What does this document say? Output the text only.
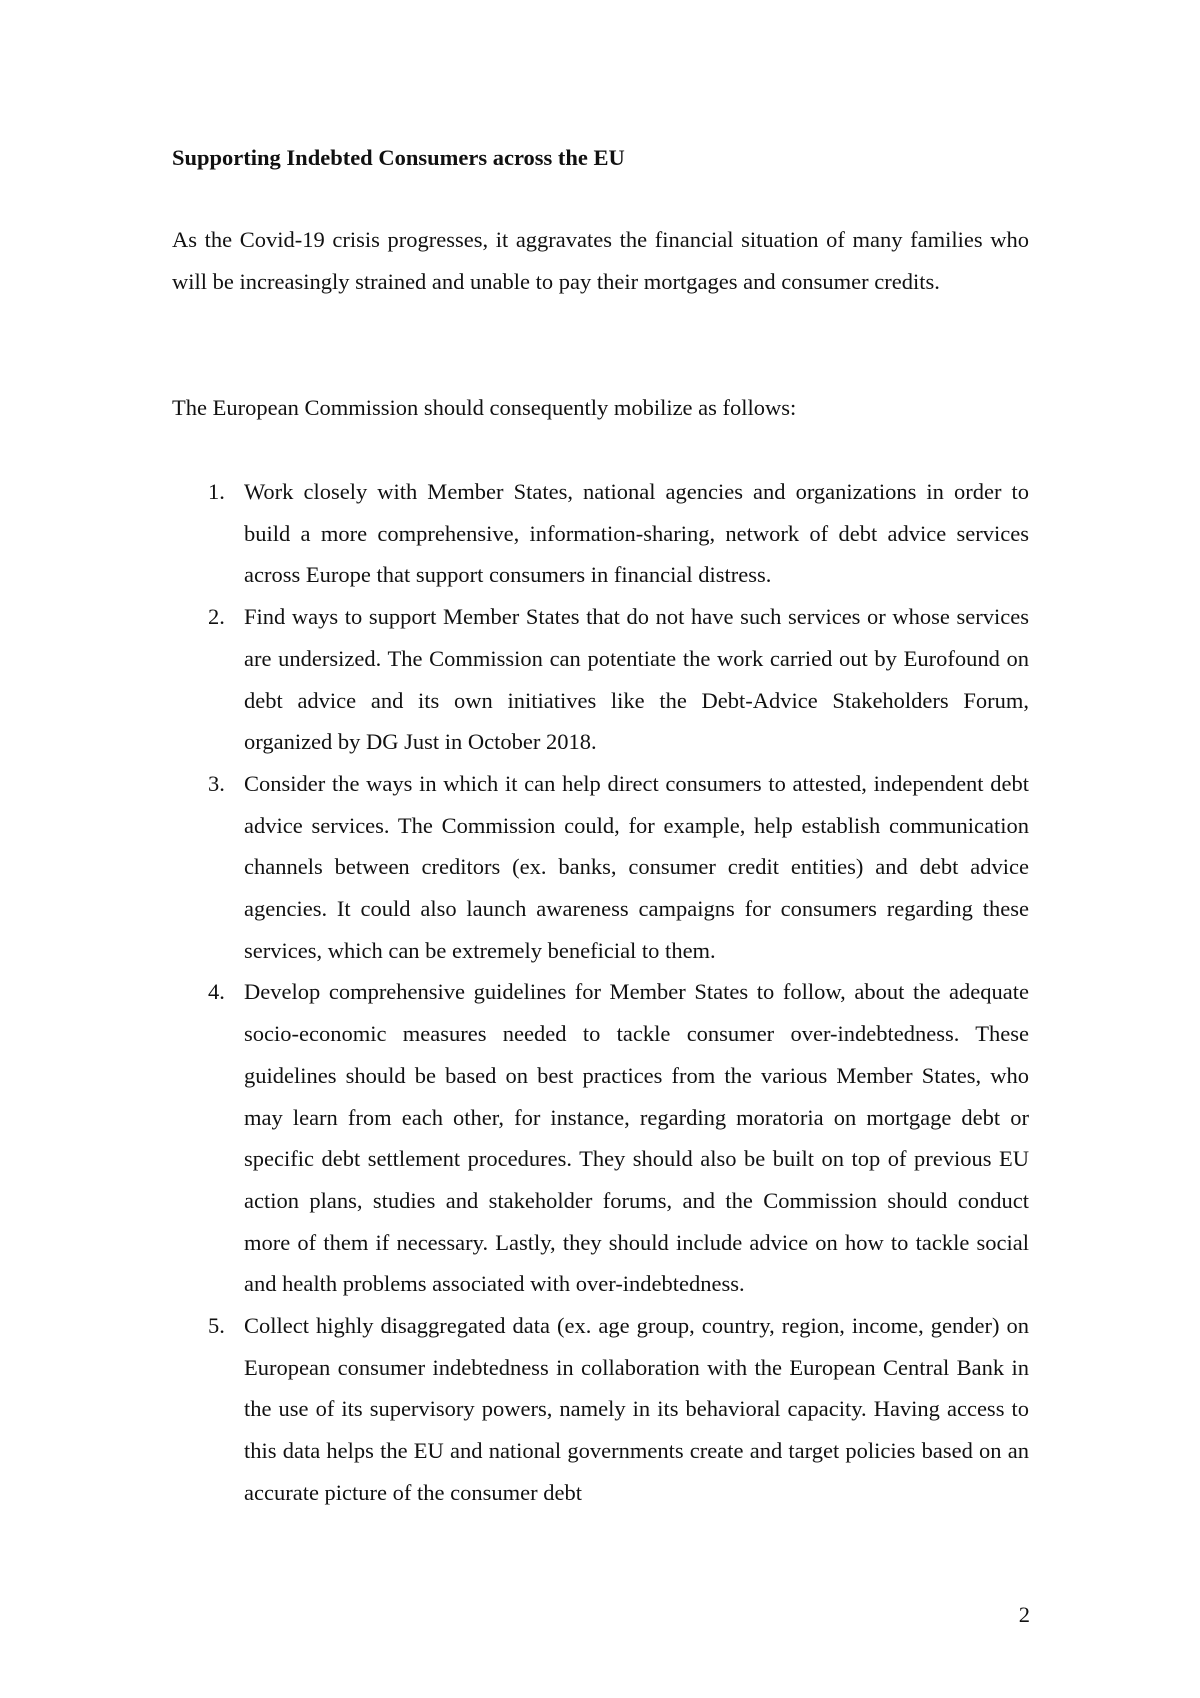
Supporting Indebted Consumers across the EU

As the Covid-19 crisis progresses, it aggravates the financial situation of many families who will be increasingly strained and unable to pay their mortgages and consumer credits.

The European Commission should consequently mobilize as follows:

1. Work closely with Member States, national agencies and organizations in order to build a more comprehensive, information-sharing, network of debt advice services across Europe that support consumers in financial distress.
2. Find ways to support Member States that do not have such services or whose services are undersized. The Commission can potentiate the work carried out by Eurofound on debt advice and its own initiatives like the Debt-Advice Stakeholders Forum, organized by DG Just in October 2018.
3. Consider the ways in which it can help direct consumers to attested, independent debt advice services. The Commission could, for example, help establish communication channels between creditors (ex. banks, consumer credit entities) and debt advice agencies. It could also launch awareness campaigns for consumers regarding these services, which can be extremely beneficial to them.
4. Develop comprehensive guidelines for Member States to follow, about the adequate socio-economic measures needed to tackle consumer over-indebtedness. These guidelines should be based on best practices from the various Member States, who may learn from each other, for instance, regarding moratoria on mortgage debt or specific debt settlement procedures. They should also be built on top of previous EU action plans, studies and stakeholder forums, and the Commission should conduct more of them if necessary. Lastly, they should include advice on how to tackle social and health problems associated with over-indebtedness.
5. Collect highly disaggregated data (ex. age group, country, region, income, gender) on European consumer indebtedness in collaboration with the European Central Bank in the use of its supervisory powers, namely in its behavioral capacity. Having access to this data helps the EU and national governments create and target policies based on an accurate picture of the consumer debt
2
